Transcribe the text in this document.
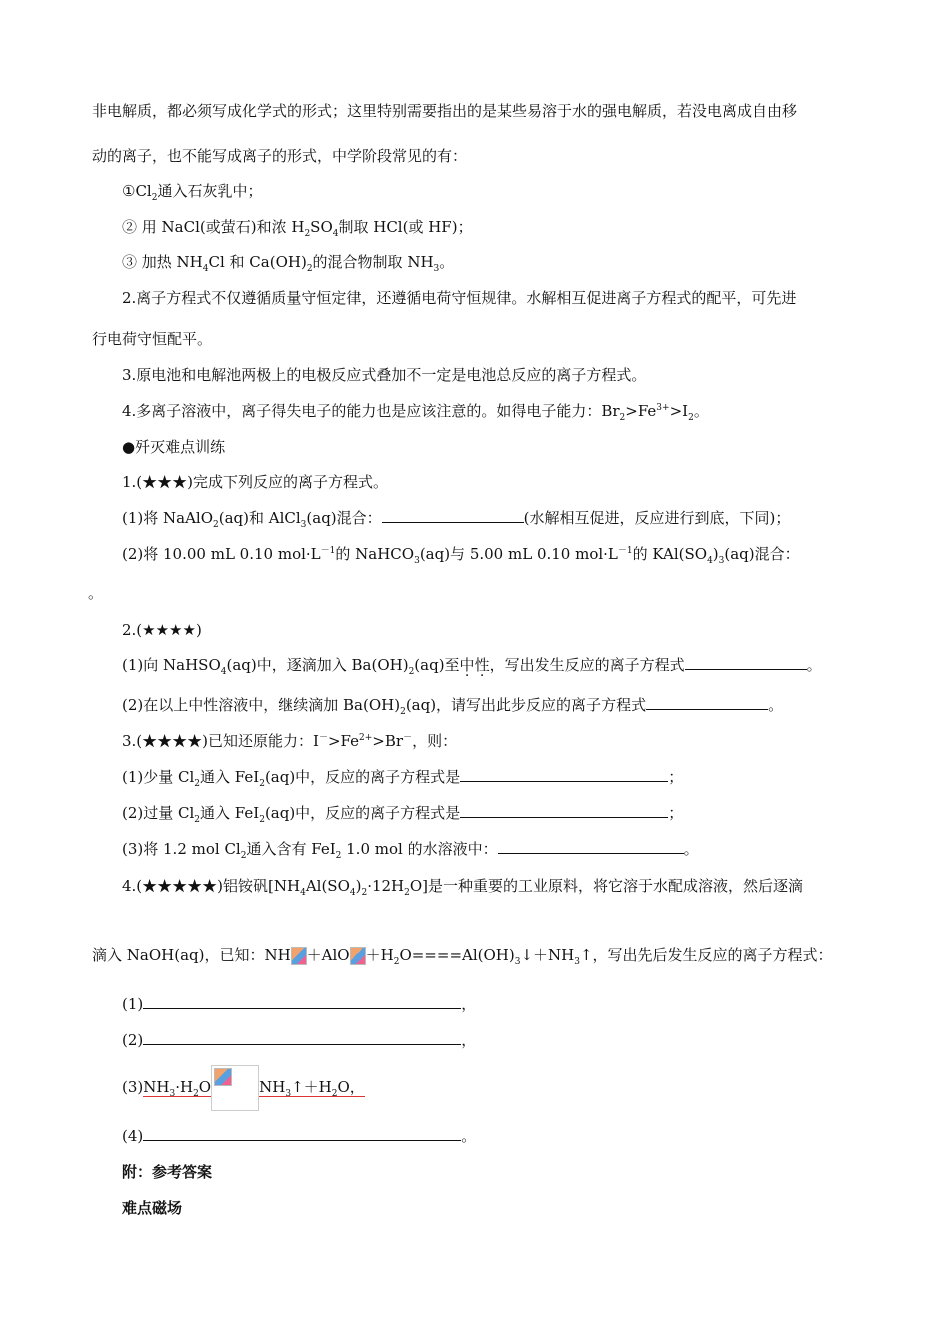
非电解质，都必须写成化学式的形式；这里特别需要指出的是某些易溶于水的强电解质，若没电离成自由移
动的离子，也不能写成离子的形式，中学阶段常见的有：
$①Cl_2$通入石灰乳中；
② 用 NaCl(或萤石)和浓 $H_2SO_4$制取 HCl(或 HF)；
③ 加热 $NH_4Cl$ 和 $Ca(OH)_2$的混合物制取 $NH_3$。
2.离子方程式不仅遵循质量守恒定律，还遵循电荷守恒规律。水解相互促进离子方程式的配平，可先进
行电荷守恒配平。
3.原电池和电解池两极上的电极反应式叠加不一定是电池总反应的离子方程式。
4.多离子溶液中，离子得失电子的能力也是应该注意的。如得电子能力：$Br_2>Fe^{3+}>I_2$。
●歼灭难点训练
1.(★★★)完成下列反应的离子方程式。
(1)将 NaAlO$_2$(aq)和 AlCl$_3$(aq)混合：	(水解相互促进，反应进行到底，下同)；
(2)将 10.00 mL 0.10 $mol\cdot L^{-1}$的 NaHCO$_3$(aq)与 5.00 mL 0.10 $mol\cdot L^{-1}$的 $KAl(SO_4)_3(aq)$混合：
。
2.(★★★★)
(1)向 NaHSO$_4$(aq)中，逐滴加入 $Ba(OH)_2(aq)$至中性，写出发生反应的离子方程式	。
(2)在以上中性溶液中，继续滴加 $Ba(OH)_2(aq)$，请写出此步反应的离子方程式	。
3.(★★★★)已知还原能力：$I^->Fe^{2+}>Br^-$，则：
(1)少量 $Cl_2$通入 FeI$_2$(aq)中，反应的离子方程式是	；
(2)过量 $Cl_2$通入 FeI$_2$(aq)中，反应的离子方程式是	；
(3)将 1.2 mol $Cl_2$通入含有 FeI$_2$ 1.0 mol 的水溶液中：	。
4.(★★★★★)铝铵矾$[NH_4Al(SO_4)_2\cdot 12H_2O]$是一种重要的工业原料，将它溶于水配成溶液，然后逐滴
滴入 NaOH(aq)，已知：NH $+AlO +H_2O====Al(OH)_3↓+NH_3↑$，写出先后发生反应的离子方程式：
(1)	，
(2)	，
$(3)NH_3\cdot H_2O$	$NH_3↑+H_2O$，
(4)	。
附：参考答案
难点磁场
